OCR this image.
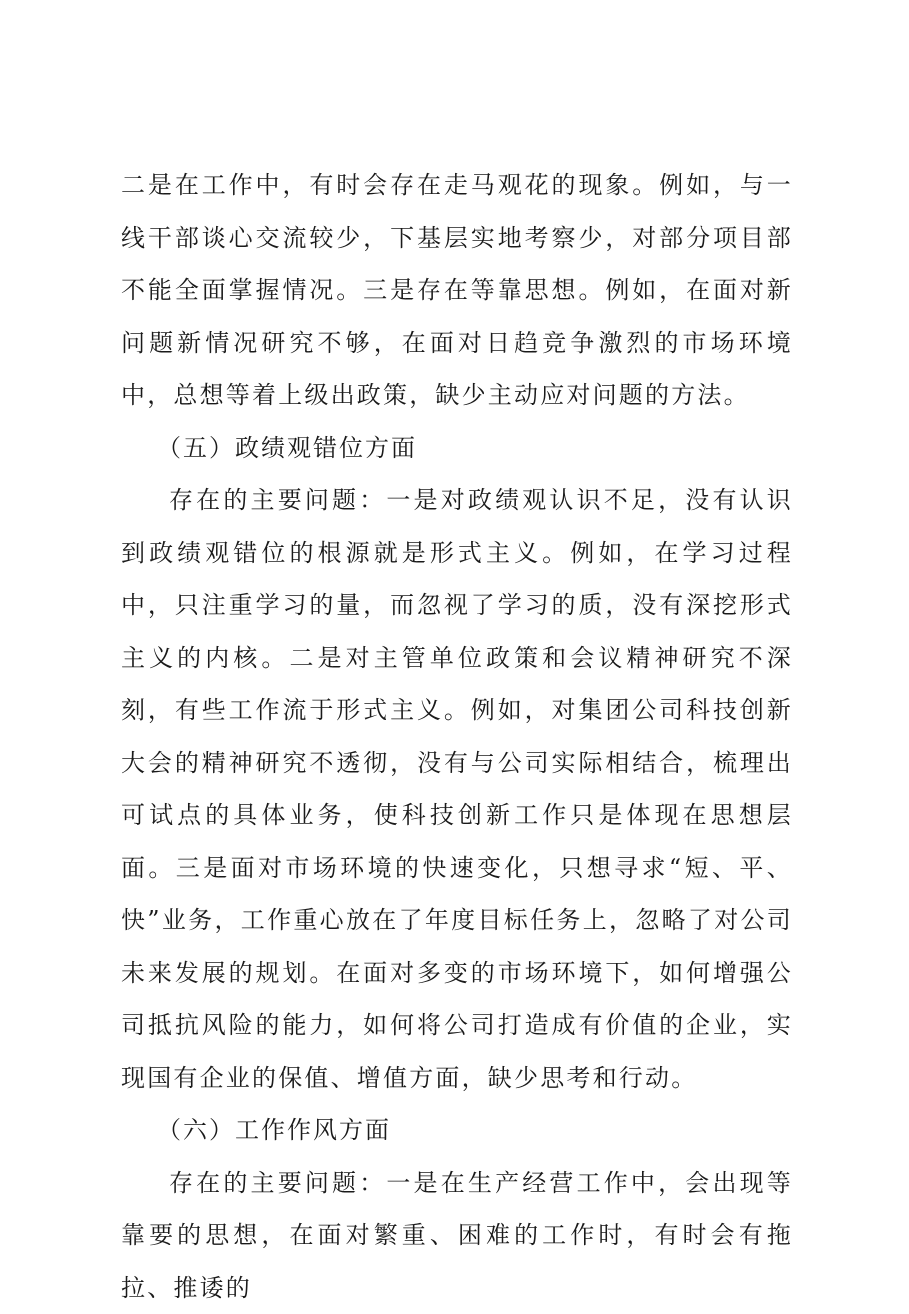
二是在工作中，有时会存在走马观花的现象。例如，与一线干部谈心交流较少，下基层实地考察少，对部分项目部不能全面掌握情况。三是存在等靠思想。例如，在面对新问题新情况研究不够，在面对日趋竞争激烈的市场环境中，总想等着上级出政策，缺少主动应对问题的方法。

（五）政绩观错位方面

存在的主要问题：一是对政绩观认识不足，没有认识到政绩观错位的根源就是形式主义。例如，在学习过程中，只注重学习的量，而忽视了学习的质，没有深挖形式主义的内核。二是对主管单位政策和会议精神研究不深刻，有些工作流于形式主义。例如，对集团公司科技创新大会的精神研究不透彻，没有与公司实际相结合，梳理出可试点的具体业务，使科技创新工作只是体现在思想层面。三是面对市场环境的快速变化，只想寻求“短、平、快”业务，工作重心放在了年度目标任务上，忽略了对公司未来发展的规划。在面对多变的市场环境下，如何增强公司抵抗风险的能力，如何将公司打造成有价值的企业，实现国有企业的保值、增值方面，缺少思考和行动。

（六）工作作风方面

存在的主要问题：一是在生产经营工作中，会出现等靠要的思想，在面对繁重、困难的工作时，有时会有拖拉、推诿的
